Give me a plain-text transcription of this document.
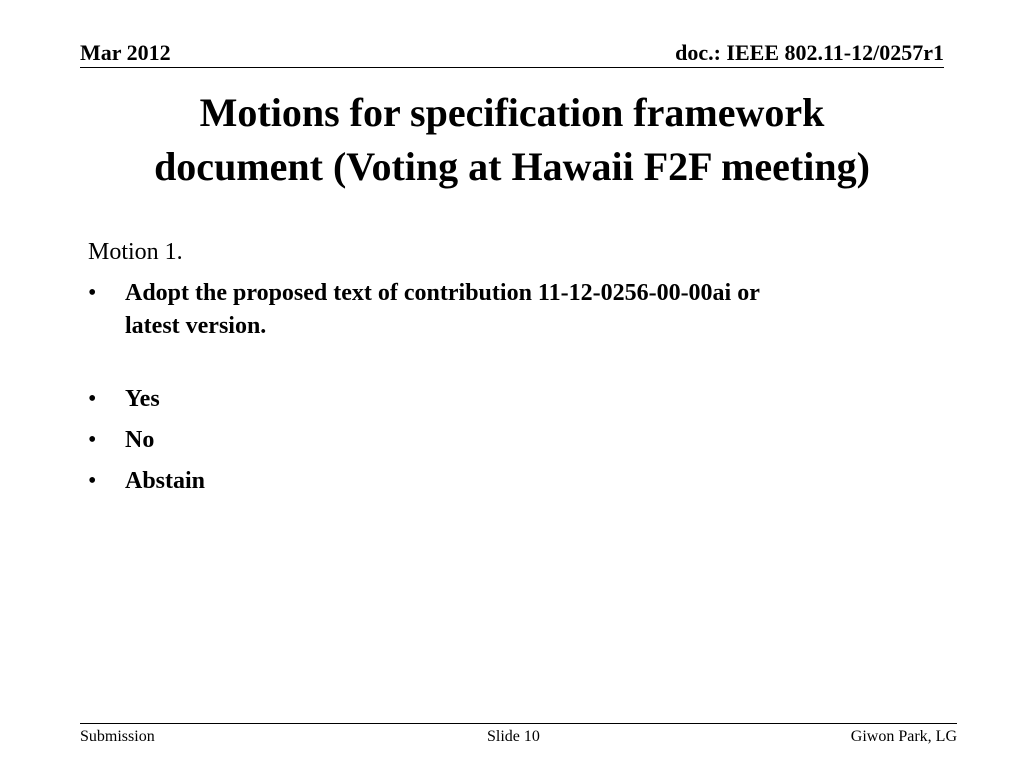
Mar 2012	doc.: IEEE 802.11-12/0257r1
Motions for specification framework
document (Voting at Hawaii F2F meeting)
Motion 1.
• Adopt the proposed text of contribution 11-12-0256-00-00ai or
latest version.
• Yes
• No
• Abstain
Submission	Slide 10	Giwon Park, LG
